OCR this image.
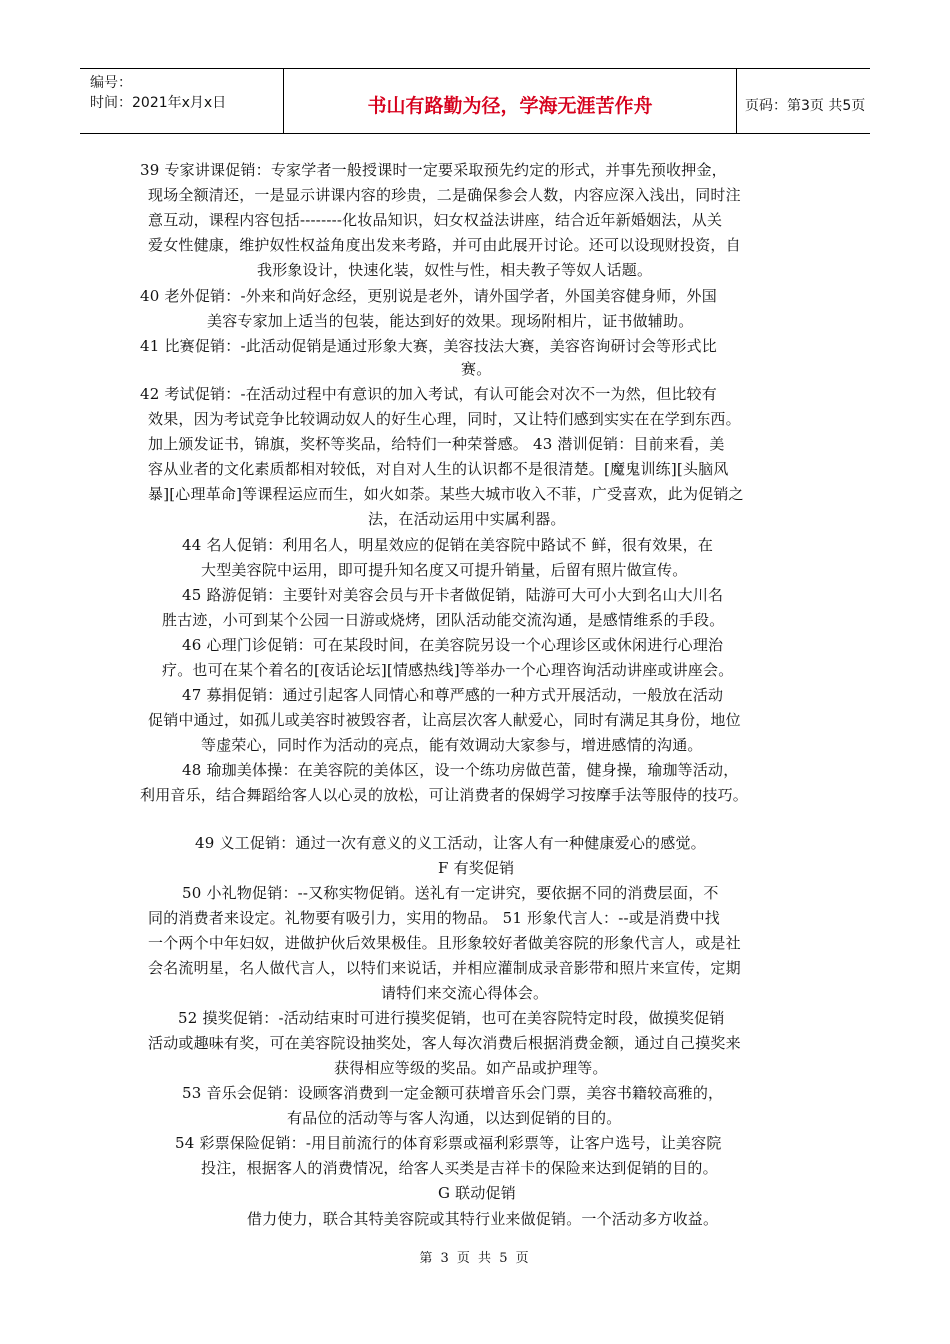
编号：
时间：2021年x月x日	书山有路勤为径，学海无涯苦作舟	页码：第3页 共5页
39 专家讲课促销：专家学者一般授课时一定要采取预先约定的形式，并事先预收押金，
现场全额清还，一是显示讲课内容的珍贵，二是确保参会人数，内容应深入浅出，同时注
意互动，课程内容包括--------化妆品知识，妇女权益法讲座，结合近年新婚姻法，从关
爱女性健康，维护奴性权益角度出发来考路，并可由此展开讨论。还可以设现财投资，自
我形象设计，快速化装，奴性与性，相夫教子等奴人话题。
40 老外促销：-外来和尚好念经，更别说是老外，请外国学者，外国美容健身师，外国
美容专家加上适当的包装，能达到好的效果。现场附相片，证书做辅助。
41 比赛促销：-此活动促销是通过形象大赛，美容技法大赛，美容咨询研讨会等形式比
赛。
42 考试促销：-在活动过程中有意识的加入考试，有认可能会对次不一为然，但比较有
效果，因为考试竞争比较调动奴人的好生心理，同时，又让特们感到实实在在学到东西。
加上颁发证书，锦旗，奖杯等奖品，给特们一种荣誉感。 43 潜训促销：目前来看，美
容从业者的文化素质都相对较低，对自对人生的认识都不是很清楚。[魔鬼训练][头脑风
暴][心理革命]等课程运应而生，如火如荼。某些大城市收入不菲，广受喜欢，此为促销之
法，在活动运用中实属利器。
44 名人促销：利用名人，明星效应的促销在美容院中路试不 鲜，很有效果，在
大型美容院中运用，即可提升知名度又可提升销量，后留有照片做宣传。
45 路游促销：主要针对美容会员与开卡者做促销，陆游可大可小大到名山大川名
胜古迹，小可到某个公园一日游或烧烤，团队活动能交流沟通，是感情维系的手段。
46 心理门诊促销：可在某段时间，在美容院另设一个心理诊区或休闲进行心理治
疗。也可在某个着名的[夜话论坛][情感热线]等举办一个心理咨询活动讲座或讲座会。
47 募捐促销：通过引起客人同情心和尊严感的一种方式开展活动，一般放在活动
促销中通过，如孤儿或美容时被毁容者，让高层次客人献爱心，同时有满足其身份，地位
等虚荣心，同时作为活动的亮点，能有效调动大家参与，增进感情的沟通。
48 瑜珈美体操：在美容院的美体区，设一个练功房做芭蕾，健身操，瑜珈等活动，
利用音乐，结合舞蹈给客人以心灵的放松，可让消费者的保姆学习按摩手法等服侍的技巧。
49 义工促销：通过一次有意义的义工活动，让客人有一种健康爱心的感觉。
F 有奖促销
50 小礼物促销：--又称实物促销。送礼有一定讲究，要依据不同的消费层面，不
同的消费者来设定。礼物要有吸引力，实用的物品。 51 形象代言人：--或是消费中找
一个两个中年妇奴，进做护伙后效果极佳。且形象较好者做美容院的形象代言人，或是社
会名流明星，名人做代言人，以特们来说话，并相应灌制成录音影带和照片来宣传，定期
请特们来交流心得体会。
52 摸奖促销：-活动结束时可进行摸奖促销，也可在美容院特定时段，做摸奖促销
活动或趣味有奖，可在美容院设抽奖处，客人每次消费后根据消费金额，通过自己摸奖来
获得相应等级的奖品。如产品或护理等。
53 音乐会促销：设顾客消费到一定金额可获增音乐会门票，美容书籍较高雅的，
有品位的活动等与客人沟通，以达到促销的目的。
54 彩票保险促销：-用目前流行的体育彩票或福利彩票等，让客户选号，让美容院
投注，根据客人的消费情况，给客人买类是吉祥卡的保险来达到促销的目的。
G 联动促销
借力使力，联合其特美容院或其特行业来做促销。一个活动多方收益。
第 3 页 共 5 页
